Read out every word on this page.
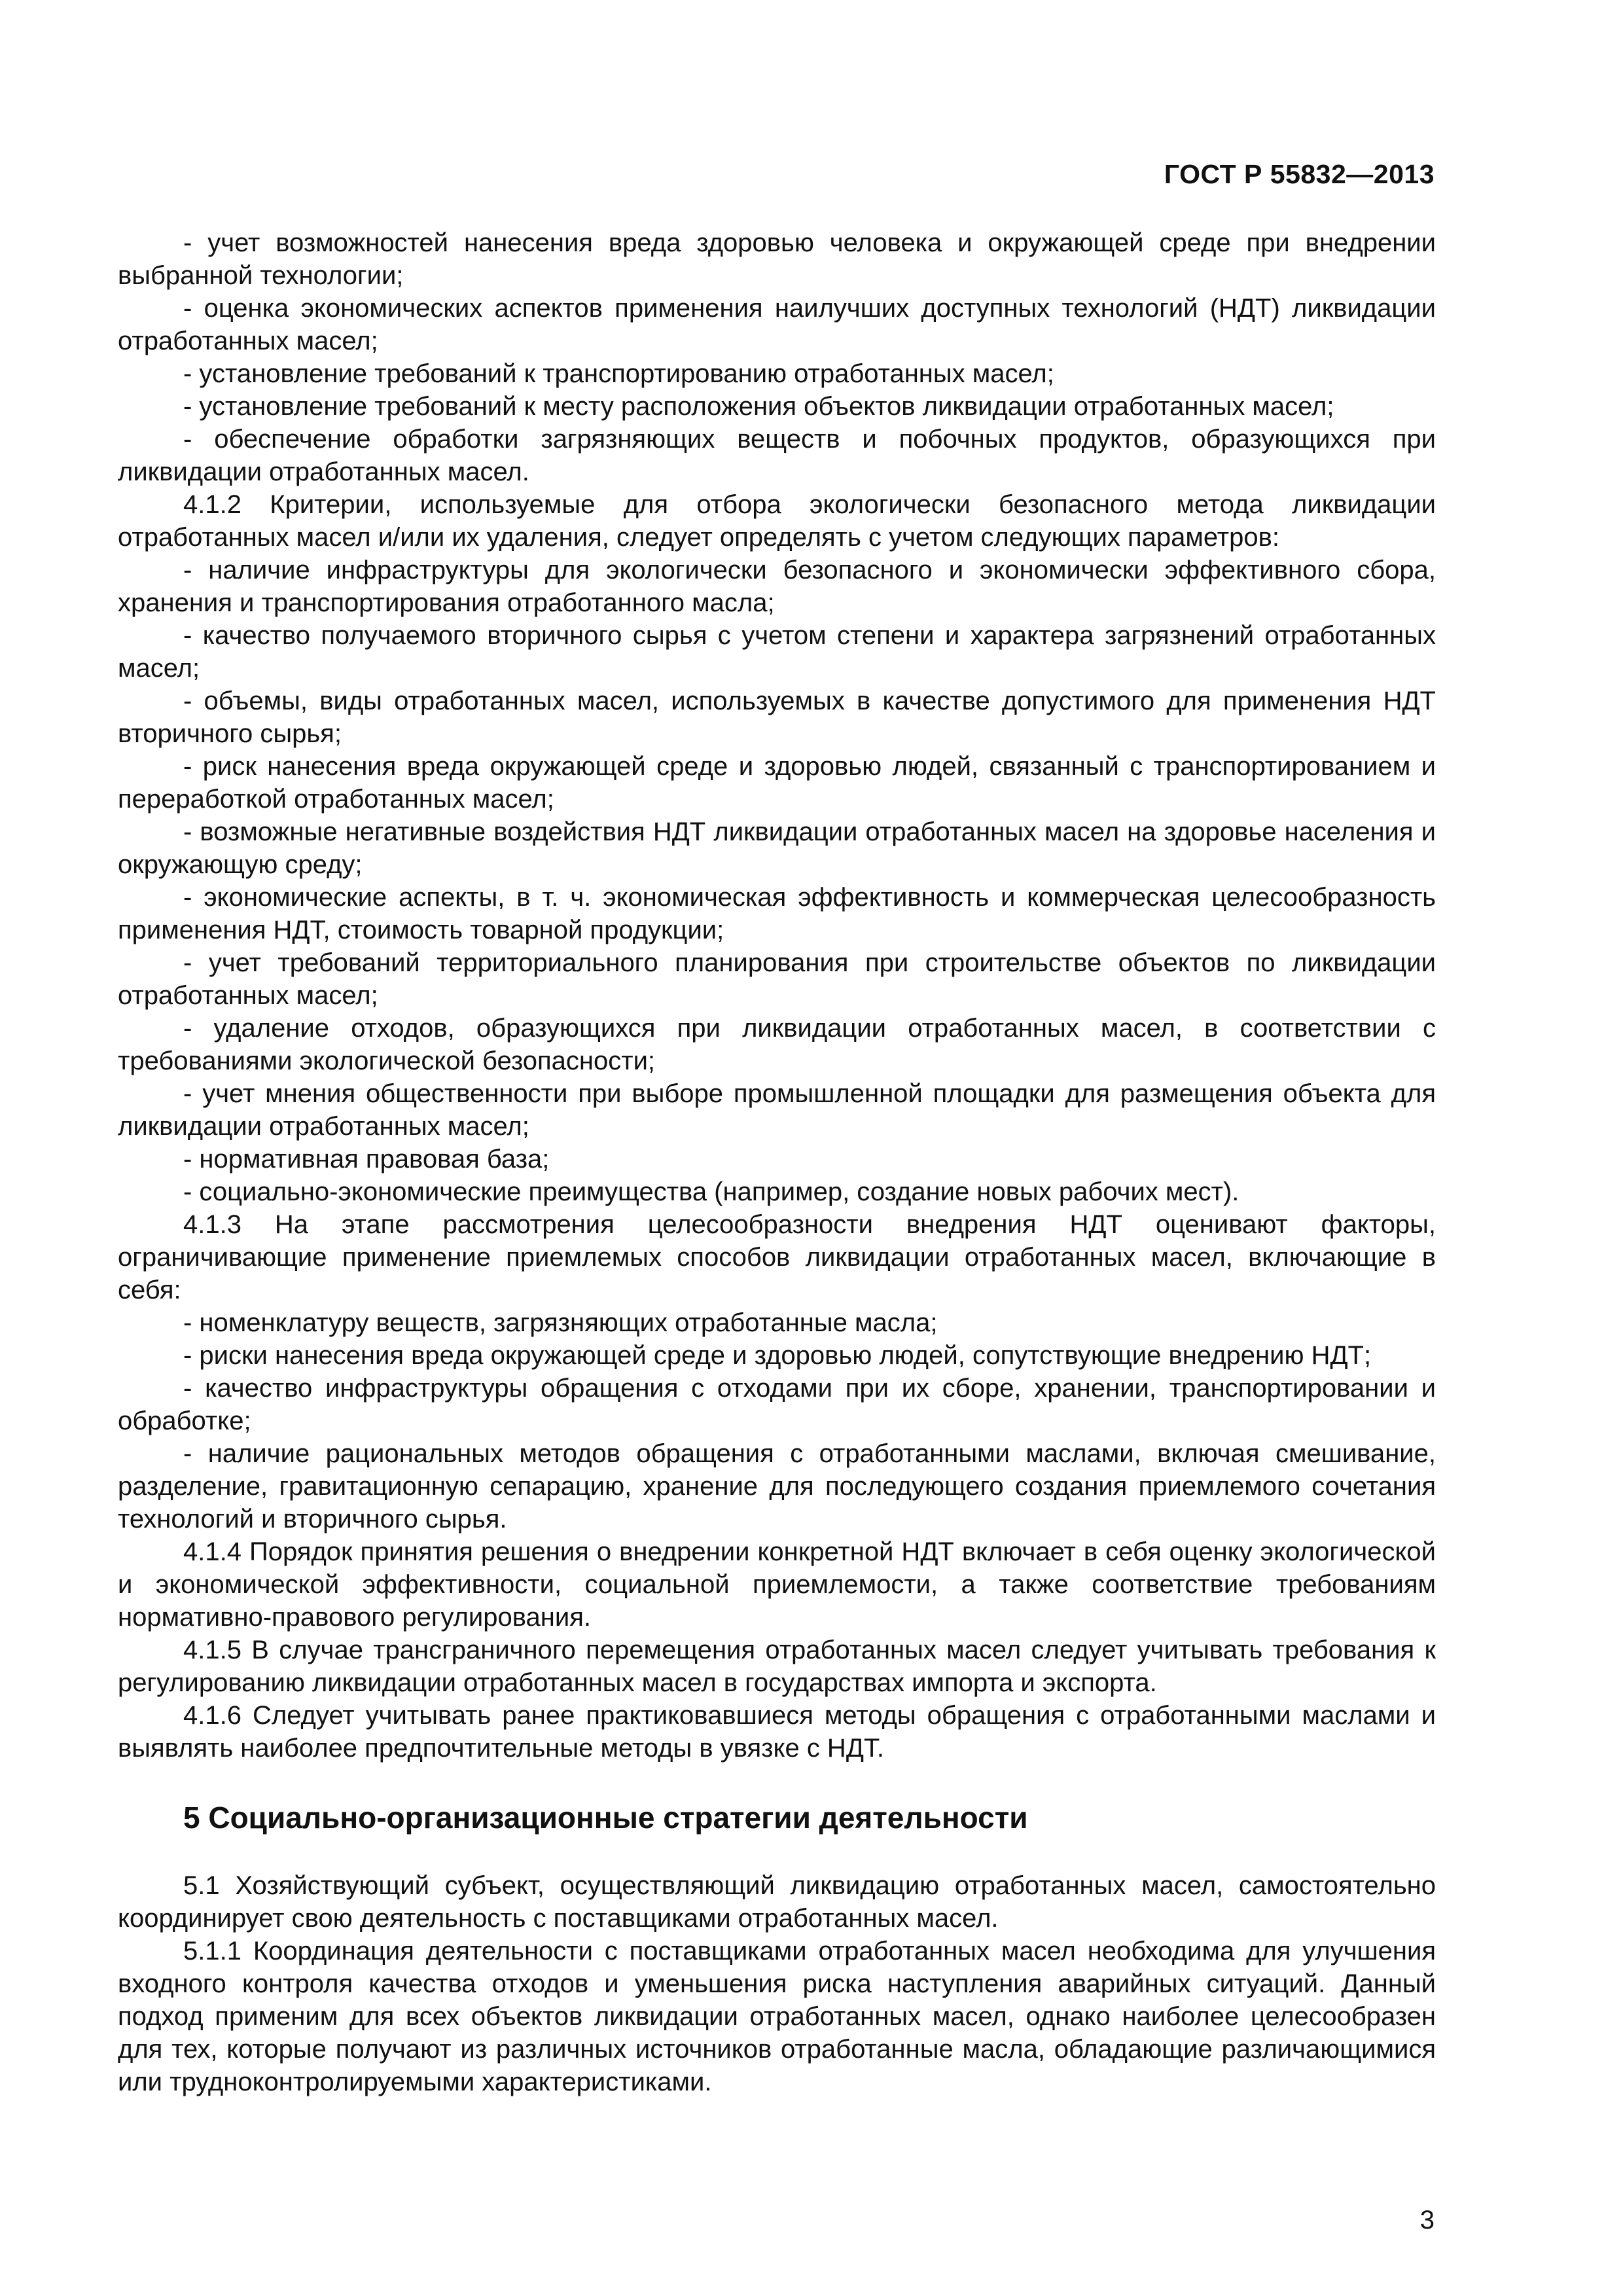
ГОСТ Р 55832—2013

- учет возможностей нанесения вреда здоровью человека и окружающей среде при внедрении выбранной технологии;

- оценка экономических аспектов применения наилучших доступных технологий (НДТ) ликвидации отработанных масел;

- установление требований к транспортированию отработанных масел;

- установление требований к месту расположения объектов ликвидации отработанных масел;

- обеспечение обработки загрязняющих веществ и побочных продуктов, образующихся при ликвидации отработанных масел.

4.1.2 Критерии, используемые для отбора экологически безопасного метода ликвидации отработанных масел и/или их удаления, следует определять с учетом следующих параметров:

- наличие инфраструктуры для экологически безопасного и экономически эффективного сбора, хранения и транспортирования отработанного масла;

- качество получаемого вторичного сырья с учетом степени и характера загрязнений отработанных масел;

- объемы, виды отработанных масел, используемых в качестве допустимого для применения НДТ вторичного сырья;

- риск нанесения вреда окружающей среде и здоровью людей, связанный с транспортированием и переработкой отработанных масел;

- возможные негативные воздействия НДТ ликвидации отработанных масел на здоровье населения и окружающую среду;

- экономические аспекты, в т. ч. экономическая эффективность и коммерческая целесообразность применения НДТ, стоимость товарной продукции;

- учет требований территориального планирования при строительстве объектов по ликвидации отработанных масел;

- удаление отходов, образующихся при ликвидации отработанных масел, в соответствии с требованиями экологической безопасности;

- учет мнения общественности при выборе промышленной площадки для размещения объекта для ликвидации отработанных масел;

- нормативная правовая база;

- социально-экономические преимущества (например, создание новых рабочих мест).

4.1.3 На этапе рассмотрения целесообразности внедрения НДТ оценивают факторы, ограничивающие применение приемлемых способов ликвидации отработанных масел, включающие в себя:

- номенклатуру веществ, загрязняющих отработанные масла;

- риски нанесения вреда окружающей среде и здоровью людей, сопутствующие внедрению НДТ;

- качество инфраструктуры обращения с отходами при их сборе, хранении, транспортировании и обработке;

- наличие рациональных методов обращения с отработанными маслами, включая смешивание, разделение, гравитационную сепарацию, хранение для последующего создания приемлемого сочетания технологий и вторичного сырья.

4.1.4 Порядок принятия решения о внедрении конкретной НДТ включает в себя оценку экологической и экономической эффективности, социальной приемлемости, а также соответствие требованиям нормативно-правового регулирования.

4.1.5 В случае трансграничного перемещения отработанных масел следует учитывать требования к регулированию ликвидации отработанных масел в государствах импорта и экспорта.

4.1.6 Следует учитывать ранее практиковавшиеся методы обращения с отработанными маслами и выявлять наиболее предпочтительные методы в увязке с НДТ.

5 Социально-организационные стратегии деятельности

5.1 Хозяйствующий субъект, осуществляющий ликвидацию отработанных масел, самостоятельно координирует свою деятельность с поставщиками отработанных масел.

5.1.1 Координация деятельности с поставщиками отработанных масел необходима для улучшения входного контроля качества отходов и уменьшения риска наступления аварийных ситуаций. Данный подход применим для всех объектов ликвидации отработанных масел, однако наиболее целесообразен для тех, которые получают из различных источников отработанные масла, обладающие различающимися или трудноконтролируемыми характеристиками.

3
